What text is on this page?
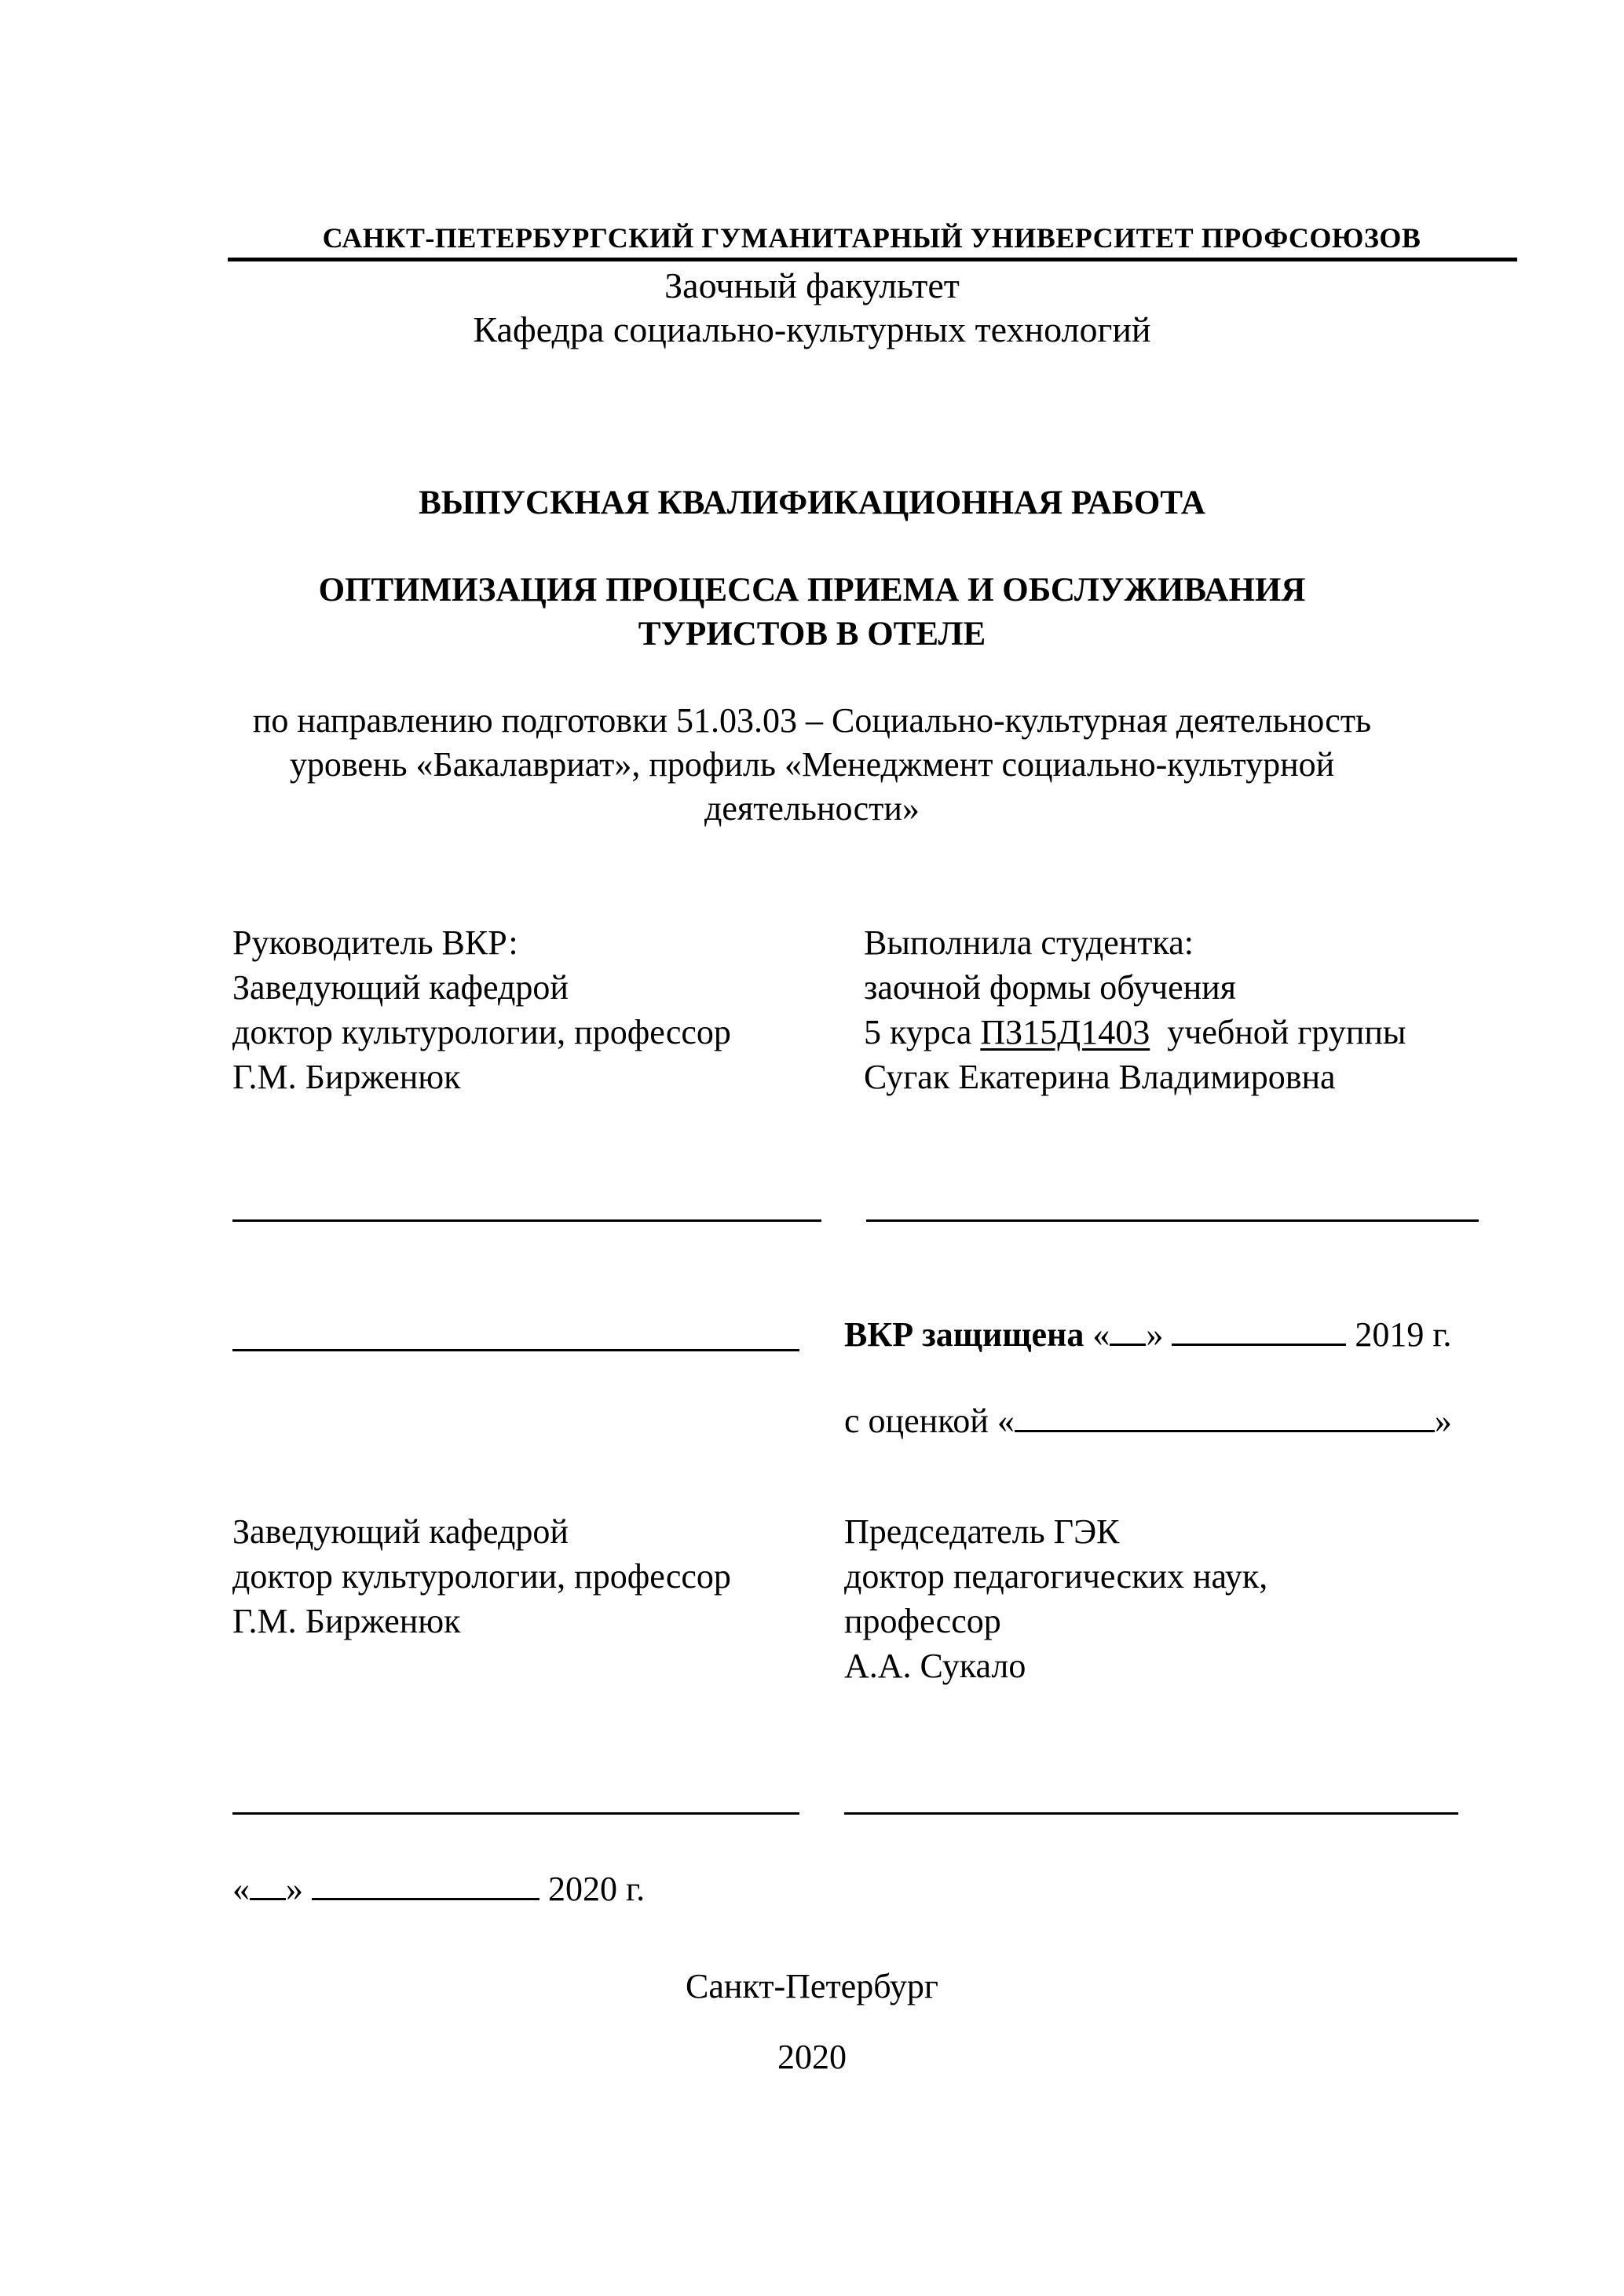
САНКТ-ПЕТЕРБУРГСКИЙ ГУМАНИТАРНЫЙ УНИВЕРСИТЕТ ПРОФСОЮЗОВ
Заочный факультет
Кафедра социально-культурных технологий
ВЫПУСКНАЯ КВАЛИФИКАЦИОННАЯ РАБОТА
ОПТИМИЗАЦИЯ ПРОЦЕССА ПРИЕМА И ОБСЛУЖИВАНИЯ
ТУРИСТОВ В ОТЕЛЕ
по направлению подготовки 51.03.03 – Социально-культурная деятельность
уровень «Бакалавриат», профиль «Менеджмент социально-культурной
деятельности»
Руководитель ВКР:
Заведующий кафедрой
доктор культурологии, профессор
Г.М. Бирженюк
Выполнила студентка:
заочной формы обучения
5 курса ПЗ15Д1403 учебной группы
Сугак Екатерина Владимировна
ВКР защищена « »	2019 г.
с оценкой «	»
Заведующий кафедрой
доктор культурологии, профессор
Г.М. Бирженюк
Председатель ГЭК
доктор педагогических наук,
профессор
А.А. Сукало
« »	2020 г.
Санкт-Петербург
2020
